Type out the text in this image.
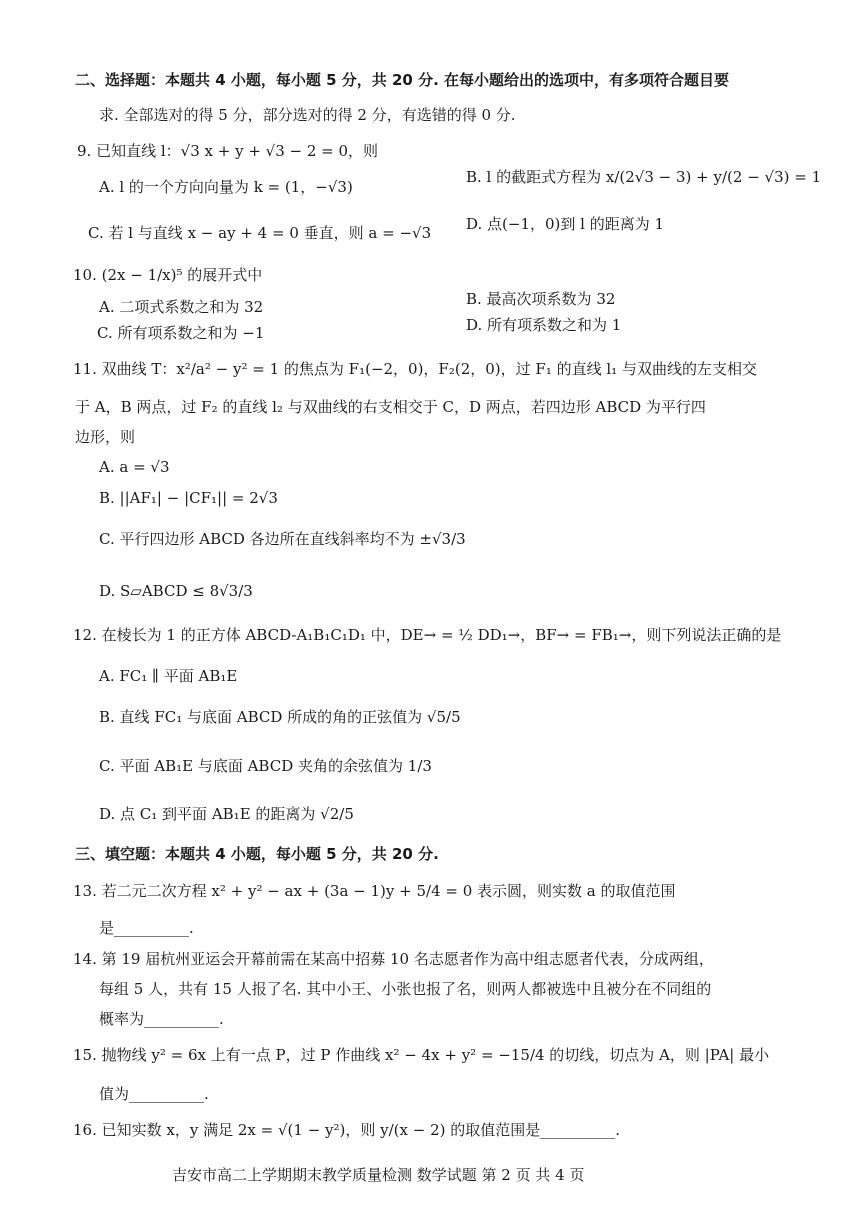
二、选择题：本题共 4 小题，每小题 5 分，共 20 分. 在每小题给出的选项中，有多项符合题目要
求. 全部选对的得 5 分，部分选对的得 2 分，有选错的得 0 分.
9. 已知直线 l：√3 x + y + √3 − 2 = 0，则
A. l 的一个方向向量为 k = (1，−√3)
B. l 的截距式方程为 x/(2√3 − 3) + y/(2 − √3) = 1
C. 若 l 与直线 x − ay + 4 = 0 垂直，则 a = −√3 D. 点(−1，0)到 l 的距离为 1
10. (2x − 1/x)⁵ 的展开式中
A. 二项式系数之和为 32	B. 最高次项系数为 32
C. 所有项系数之和为 −1	D. 所有项系数之和为 1
11. 双曲线 T：x²/a² − y² = 1 的焦点为 F₁(−2，0)，F₂(2，0)，过 F₁ 的直线 l₁ 与双曲线的左支相交
于 A，B 两点，过 F₂ 的直线 l₂ 与双曲线的右支相交于 C，D 两点，若四边形 ABCD 为平行四
边形，则
A. a = √3
B. ||AF₁| − |CF₁|| = 2√3
C. 平行四边形 ABCD 各边所在直线斜率均不为 ±√3/3
D. S▱ABCD ≤ 8√3/3
12. 在棱长为 1 的正方体 ABCD-A₁B₁C₁D₁ 中，DE→ = ½ DD₁→，BF→ = FB₁→，则下列说法正确的是
A. FC₁ ∥ 平面 AB₁E
B. 直线 FC₁ 与底面 ABCD 所成的角的正弦值为 √5/5
C. 平面 AB₁E 与底面 ABCD 夹角的余弦值为 1/3
D. 点 C₁ 到平面 AB₁E 的距离为 √2/5
三、填空题：本题共 4 小题，每小题 5 分，共 20 分.
13. 若二元二次方程 x² + y² − ax + (3a − 1)y + 5/4 = 0 表示圆，则实数 a 的取值范围
是__________.
14. 第 19 届杭州亚运会开幕前需在某高中招募 10 名志愿者作为高中组志愿者代表，分成两组，
每组 5 人，共有 15 人报了名. 其中小王、小张也报了名，则两人都被选中且被分在不同组的
概率为__________.
15. 抛物线 y² = 6x 上有一点 P，过 P 作曲线 x² − 4x + y² = −15/4 的切线，切点为 A，则 |PA| 最小
值为__________.
16. 已知实数 x，y 满足 2x = √(1 − y²)，则 y/(x − 2) 的取值范围是__________.
吉安市高二上学期期末教学质量检测 数学试题 第 2 页 共 4 页
